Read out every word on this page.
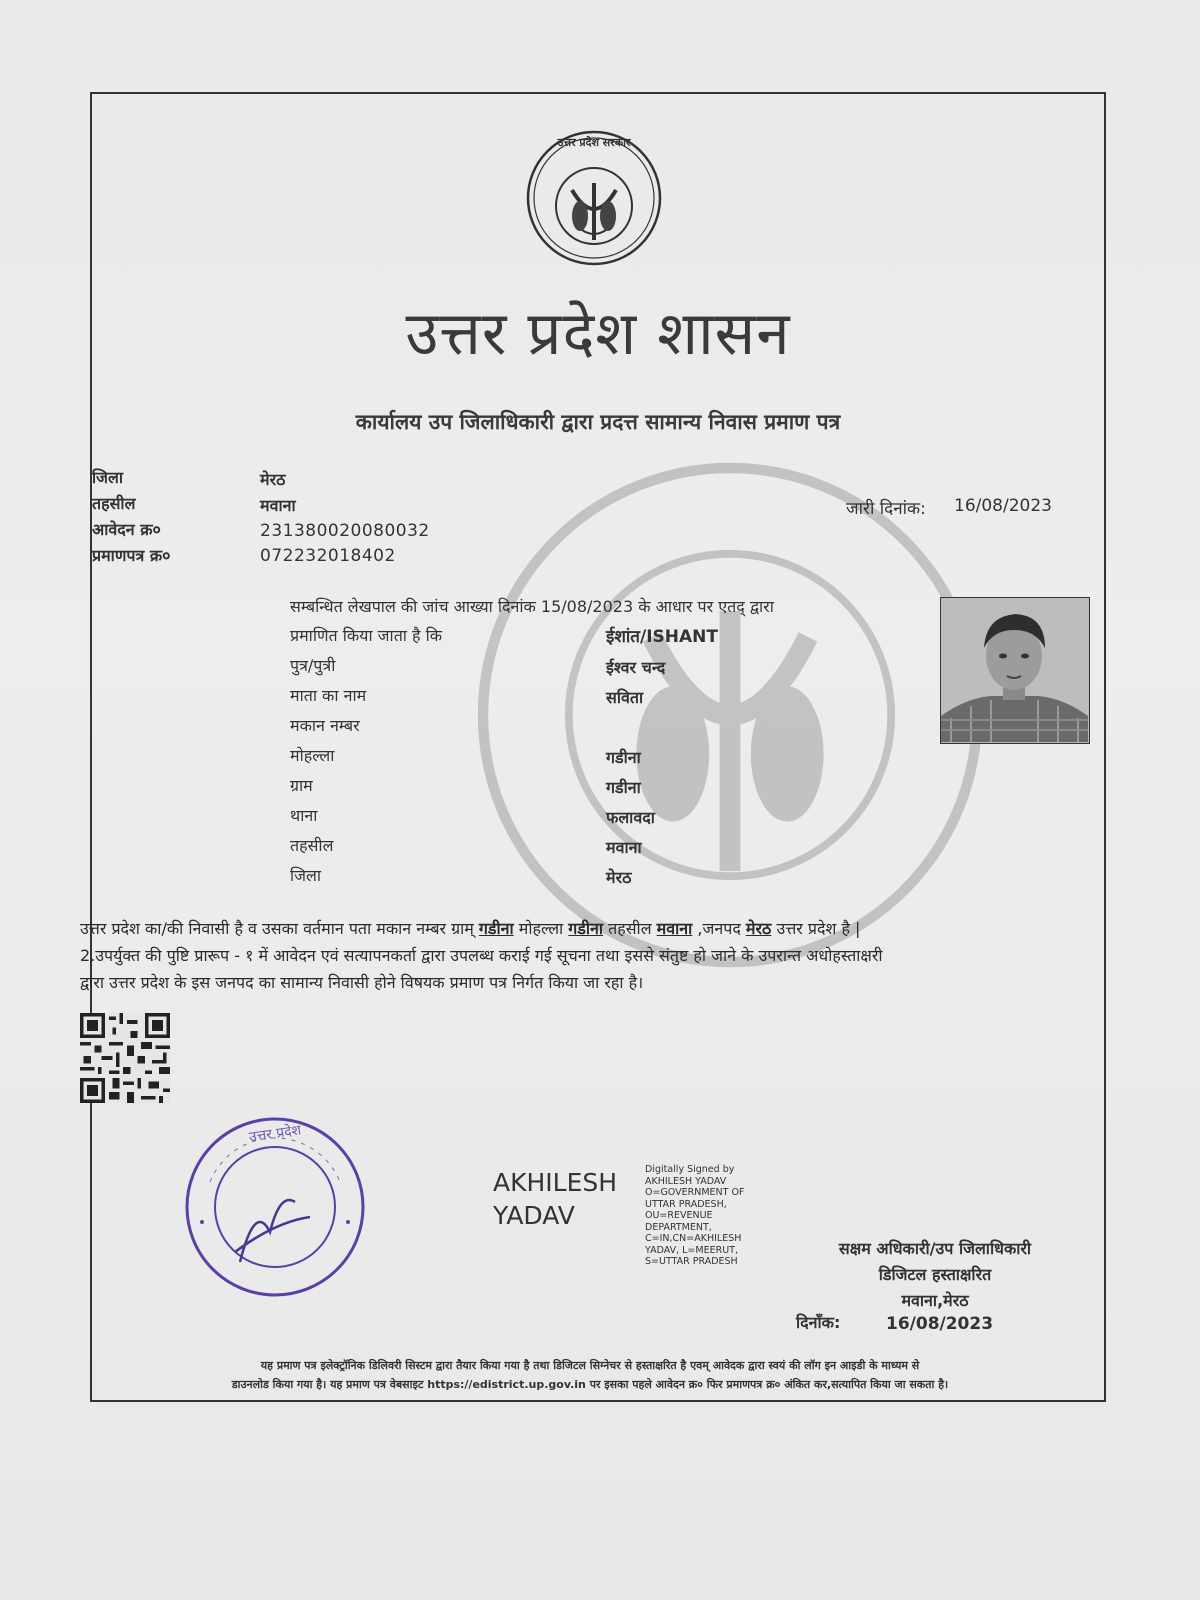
उत्तर प्रदेश सरकार
उत्तर प्रदेश शासन
कार्यालय उप जिलाधिकारी द्वारा प्रदत्त सामान्य निवास प्रमाण पत्र
जिला	मेरठ
तहसील	मवाना
आवेदन क्र०	231380020080032
प्रमाणपत्र क्र०	072232018402
जारी दिनांक: 16/08/2023
सम्बन्धित लेखपाल की जांच आख्या दिनांक 15/08/2023 के आधार पर एतद् द्वारा
प्रमाणित किया जाता है कि	ईशांत/ISHANT
पुत्र/पुत्री	ईश्वर चन्द
माता का नाम	सविता
मकान नम्बर
मोहल्ला	गडीना
ग्राम	गडीना
थाना	फलावदा
तहसील	मवाना
जिला	मेरठ
उत्तर प्रदेश का/की निवासी है व उसका वर्तमान पता मकान नम्बर ग्राम् गडीना मोहल्ला गडीना तहसील मवाना ,जनपद मेरठ उत्तर प्रदेश है |
2.उपर्युक्त की पुष्टि प्रारूप - १ में आवेदन एवं सत्यापनकर्ता द्वारा उपलब्ध कराई गई सूचना तथा इससे संतुष्ट हो जाने के उपरान्त अधोहस्ताक्षरी
द्वारा उत्तर प्रदेश के इस जनपद का सामान्य निवासी होने विषयक प्रमाण पत्र निर्गत किया जा रहा है।
उत्तर प्रदेश
AKHILESH
YADAV
Digitally Signed by
AKHILESH YADAV
O=GOVERNMENT OF
UTTAR PRADESH,
OU=REVENUE
DEPARTMENT,
C=IN,CN=AKHILESH
YADAV, L=MEERUT,
S=UTTAR PRADESH
सक्षम अधिकारी/उप जिलाधिकारी
डिजिटल हस्ताक्षरित
मवाना,मेरठ
दिनाँक:	16/08/2023
यह प्रमाण पत्र इलेक्ट्रॉनिक डिलिवरी सिस्टम द्वारा तैयार किया गया है तथा डिजिटल सिग्नेचर से हस्ताक्षरित है एवम् आवेदक द्वारा स्वयं की लॉग इन आइडी के माध्यम से
डाउनलोड किया गया है। यह प्रमाण पत्र वेबसाइट https://edistrict.up.gov.in पर इसका पहले आवेदन क्र० फिर प्रमाणपत्र क्र० अंकित कर,सत्यापित किया जा सकता है।
